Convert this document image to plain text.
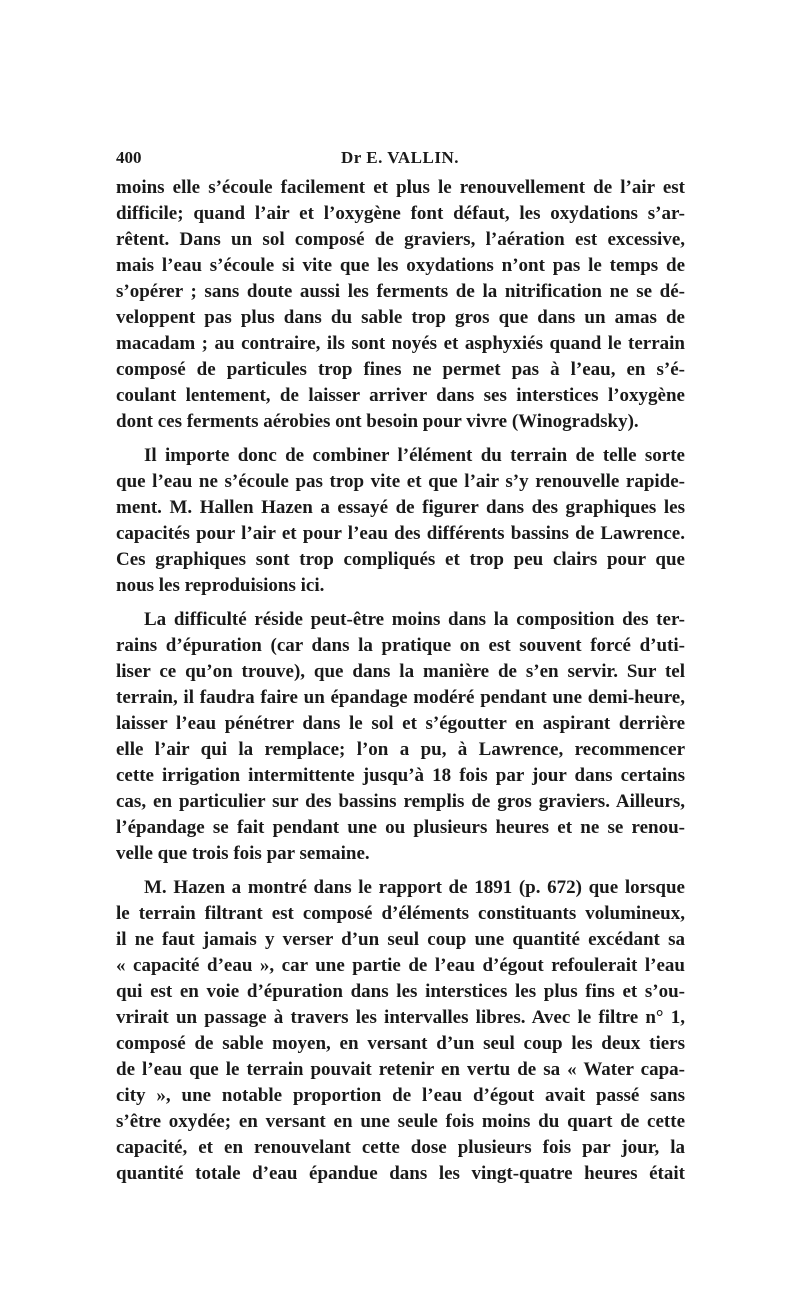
400	Dr E. VALLIN.
moins elle s’écoule facilement et plus le renouvellement de l’air est
difficile; quand l’air et l’oxygène font défaut, les oxydations s’ar-
rêtent. Dans un sol composé de graviers, l’aération est excessive,
mais l’eau s’écoule si vite que les oxydations n’ont pas le temps de
s’opérer ; sans doute aussi les ferments de la nitrification ne se dé-
veloppent pas plus dans du sable trop gros que dans un amas de
macadam ; au contraire, ils sont noyés et asphyxiés quand le terrain
composé de particules trop fines ne permet pas à l’eau, en s’é-
coulant lentement, de laisser arriver dans ses interstices l’oxygène
dont ces ferments aérobies ont besoin pour vivre (Winogradsky).
Il importe donc de combiner l’élément du terrain de telle sorte
que l’eau ne s’écoule pas trop vite et que l’air s’y renouvelle rapide-
ment. M. Hallen Hazen a essayé de figurer dans des graphiques les
capacités pour l’air et pour l’eau des différents bassins de Lawrence.
Ces graphiques sont trop compliqués et trop peu clairs pour que
nous les reproduisions ici.
La difficulté réside peut-être moins dans la composition des ter-
rains d’épuration (car dans la pratique on est souvent forcé d’uti-
liser ce qu’on trouve), que dans la manière de s’en servir. Sur tel
terrain, il faudra faire un épandage modéré pendant une demi-heure,
laisser l’eau pénétrer dans le sol et s’égoutter en aspirant derrière
elle l’air qui la remplace; l’on a pu, à Lawrence, recommencer
cette irrigation intermittente jusqu’à 18 fois par jour dans certains
cas, en particulier sur des bassins remplis de gros graviers. Ailleurs,
l’épandage se fait pendant une ou plusieurs heures et ne se renou-
velle que trois fois par semaine.
M. Hazen a montré dans le rapport de 1891 (p. 672) que lorsque
le terrain filtrant est composé d’éléments constituants volumineux,
il ne faut jamais y verser d’un seul coup une quantité excédant sa
« capacité d’eau », car une partie de l’eau d’égout refoulerait l’eau
qui est en voie d’épuration dans les interstices les plus fins et s’ou-
vrirait un passage à travers les intervalles libres. Avec le filtre n° 1,
composé de sable moyen, en versant d’un seul coup les deux tiers
de l’eau que le terrain pouvait retenir en vertu de sa « Water capa-
city », une notable proportion de l’eau d’égout avait passé sans
s’être oxydée; en versant en une seule fois moins du quart de cette
capacité, et en renouvelant cette dose plusieurs fois par jour, la
quantité totale d’eau épandue dans les vingt-quatre heures était
